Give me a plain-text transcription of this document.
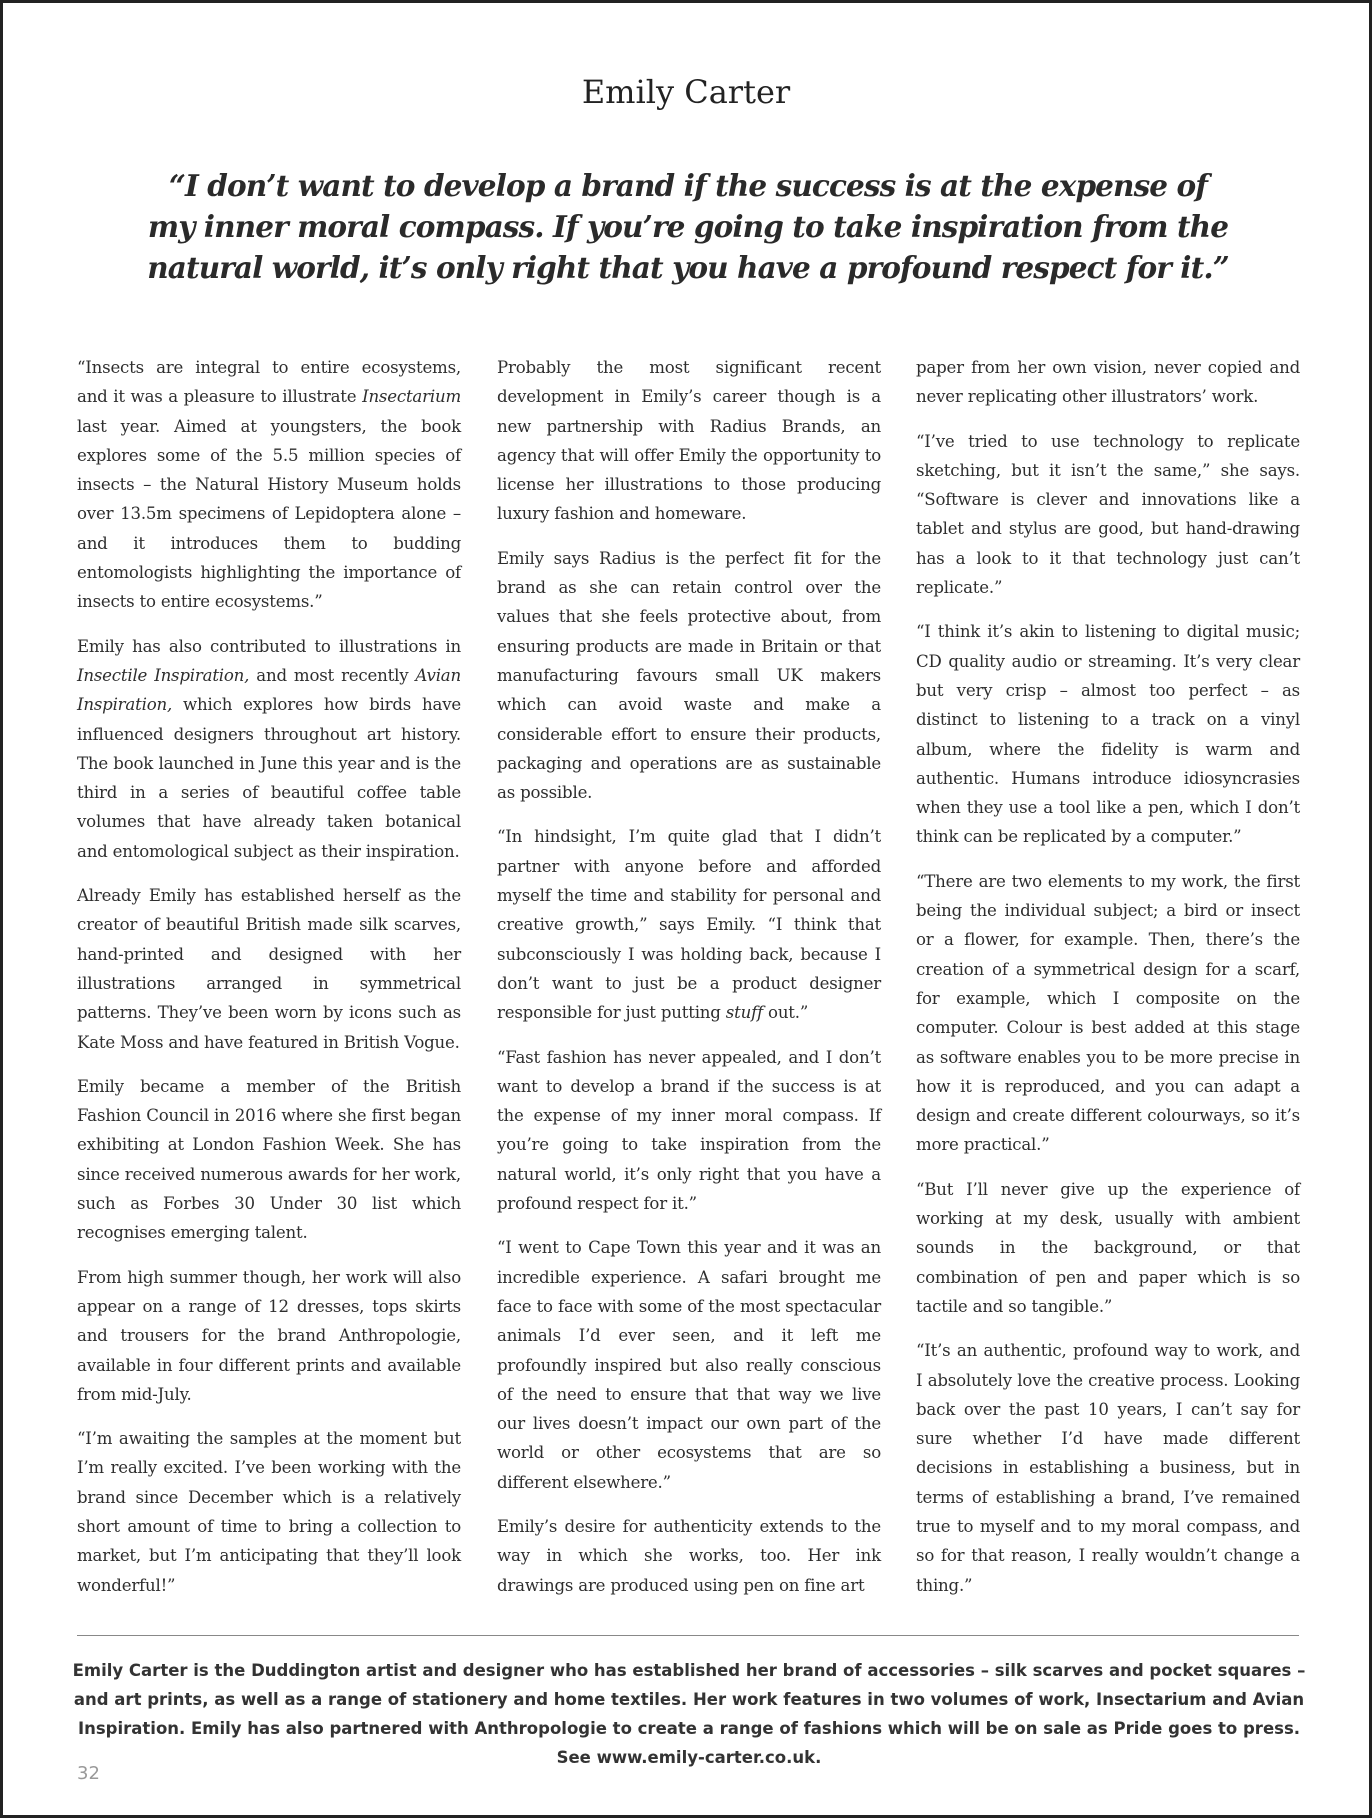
Emily Carter

“I don’t want to develop a brand if the success is at the expense of my inner moral compass. If you’re going to take inspiration from the natural world, it’s only right that you have a profound respect for it.”

“Insects are integral to entire ecosystems, and it was a pleasure to illustrate Insectarium last year. Aimed at youngsters, the book explores some of the 5.5 million species of insects – the Natural History Museum holds over 13.5m specimens of Lepidoptera alone – and it introduces them to budding entomologists highlighting the importance of insects to entire ecosystems.”

Emily has also contributed to illustrations in Insectile Inspiration, and most recently Avian Inspiration, which explores how birds have influenced designers throughout art history. The book launched in June this year and is the third in a series of beautiful coffee table volumes that have already taken botanical and entomological subject as their inspiration.

Already Emily has established herself as the creator of beautiful British made silk scarves, hand-printed and designed with her illustrations arranged in symmetrical patterns. They’ve been worn by icons such as Kate Moss and have featured in British Vogue.

Emily became a member of the British Fashion Council in 2016 where she first began exhibiting at London Fashion Week. She has since received numerous awards for her work, such as Forbes 30 Under 30 list which recognises emerging talent.

From high summer though, her work will also appear on a range of 12 dresses, tops skirts and trousers for the brand Anthropologie, available in four different prints and available from mid-July.

“I’m awaiting the samples at the moment but I’m really excited. I’ve been working with the brand since December which is a relatively short amount of time to bring a collection to market, but I’m anticipating that they’ll look wonderful!”

Probably the most significant recent development in Emily’s career though is a new partnership with Radius Brands, an agency that will offer Emily the opportunity to license her illustrations to those producing luxury fashion and homeware.

Emily says Radius is the perfect fit for the brand as she can retain control over the values that she feels protective about, from ensuring products are made in Britain or that manufacturing favours small UK makers which can avoid waste and make a considerable effort to ensure their products, packaging and operations are as sustainable as possible.

“In hindsight, I’m quite glad that I didn’t partner with anyone before and afforded myself the time and stability for personal and creative growth,” says Emily. “I think that subconsciously I was holding back, because I don’t want to just be a product designer responsible for just putting stuff out.”

“Fast fashion has never appealed, and I don’t want to develop a brand if the success is at the expense of my inner moral compass. If you’re going to take inspiration from the natural world, it’s only right that you have a profound respect for it.”

“I went to Cape Town this year and it was an incredible experience. A safari brought me face to face with some of the most spectacular animals I’d ever seen, and it left me profoundly inspired but also really conscious of the need to ensure that that way we live our lives doesn’t impact our own part of the world or other ecosystems that are so different elsewhere.”

Emily’s desire for authenticity extends to the way in which she works, too. Her ink drawings are produced using pen on fine art

paper from her own vision, never copied and never replicating other illustrators’ work.

“I’ve tried to use technology to replicate sketching, but it isn’t the same,” she says. “Software is clever and innovations like a tablet and stylus are good, but hand-drawing has a look to it that technology just can’t replicate.”

“I think it’s akin to listening to digital music; CD quality audio or streaming. It’s very clear but very crisp – almost too perfect – as distinct to listening to a track on a vinyl album, where the fidelity is warm and authentic. Humans introduce idiosyncrasies when they use a tool like a pen, which I don’t think can be replicated by a computer.”

“There are two elements to my work, the first being the individual subject; a bird or insect or a flower, for example. Then, there’s the creation of a symmetrical design for a scarf, for example, which I composite on the computer. Colour is best added at this stage as software enables you to be more precise in how it is reproduced, and you can adapt a design and create different colourways, so it’s more practical.”

“But I’ll never give up the experience of working at my desk, usually with ambient sounds in the background, or that combination of pen and paper which is so tactile and so tangible.”

“It’s an authentic, profound way to work, and I absolutely love the creative process. Looking back over the past 10 years, I can’t say for sure whether I’d have made different decisions in establishing a business, but in terms of establishing a brand, I’ve remained true to myself and to my moral compass, and so for that reason, I really wouldn’t change a thing.”

Emily Carter is the Duddington artist and designer who has established her brand of accessories – silk scarves and pocket squares – and art prints, as well as a range of stationery and home textiles. Her work features in two volumes of work, Insectarium and Avian Inspiration. Emily has also partnered with Anthropologie to create a range of fashions which will be on sale as Pride goes to press. See www.emily-carter.co.uk.

32
